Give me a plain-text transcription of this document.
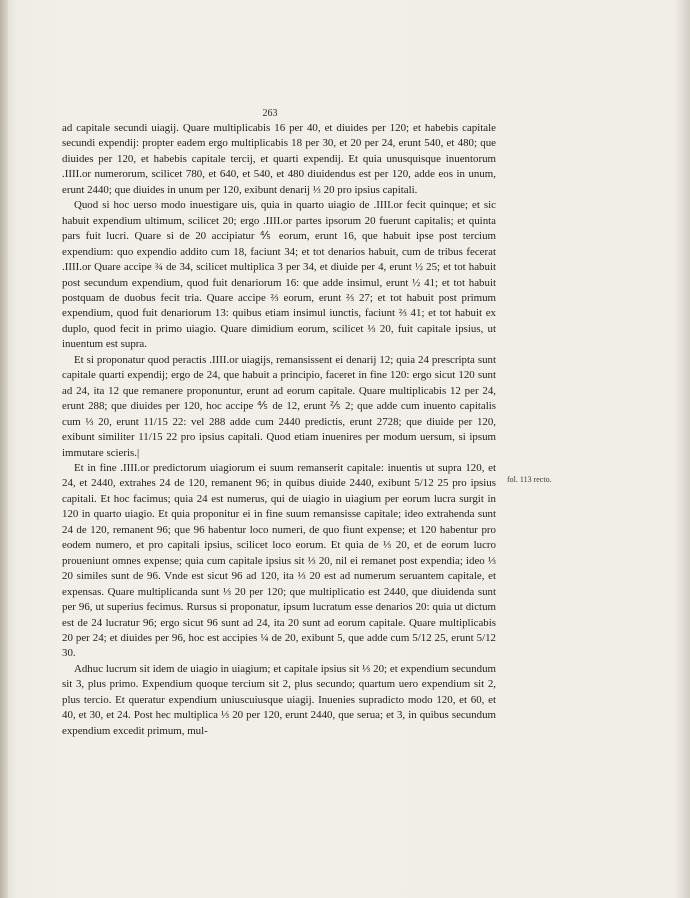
263

ad capitale secundi uiagij. Quare multiplicabis 16 per 40, et diuides per 120; et habebis capitale secundi expendij: propter eadem ergo multiplicabis 18 per 30, et 20 per 24, erunt 540, et 480; que diuides per 120, et habebis capitale tercij, et quarti expendij. Et quia unusquisque inuentorum .IIII.or numerorum, scilicet 780, et 640, et 540, et 480 diuidendus est per 120, adde eos in unum, erunt 2440; que diuides in unum per 120, exibunt denarij ⅓ 20 pro ipsius capitali.

Quod si hoc uerso modo inuestigare uis, quia in quarto uiagio de .IIII.or fecit quinque; et sic habuit expendium ultimum, scilicet 20; ergo .IIII.or partes ipsorum 20 fuerunt capitalis; et quinta pars fuit lucri. Quare si de 20 accipiatur ⅘ eorum, erunt 16, que habuit ipse post tercium expendium: quo expendio addito cum 18, faciunt 34; et tot denarios habuit, cum de tribus fecerat .IIII.or Quare accipe ¾ de 34, scilicet multiplica 3 per 34, et diuide per 4, erunt ½ 25; et tot habuit post secundum expendium, quod fuit denariorum 16: que adde insimul, erunt ½ 41; et tot habuit postquam de duobus fecit tria. Quare accipe ⅔ eorum, erunt ⅔ 27; et tot habuit post primum expendium, quod fuit denariorum 13: quibus etiam insimul iunctis, faciunt ⅔ 41; et tot habuit ex duplo, quod fecit in primo uiagio. Quare dimidium eorum, scilicet ⅓ 20, fuit capitale ipsius, ut inuentum est supra.

Et si proponatur quod peractis .IIII.or uiagijs, remansissent ei denarij 12; quia 24 prescripta sunt capitale quarti expendij; ergo de 24, que habuit a principio, faceret in fine 120: ergo sicut 120 sunt ad 24, ita 12 que remanere proponuntur, erunt ad eorum capitale. Quare multiplicabis 12 per 24, erunt 288; que diuides per 120, hoc accipe ⅘ de 12, erunt ⅖ 2; que adde cum inuento capitalis cum ⅓ 20, erunt 11/15 22: vel 288 adde cum 2440 predictis, erunt 2728; que diuide per 120, exibunt similiter 11/15 22 pro ipsius capitali. Quod etiam inuenires per modum uersum, si ipsum immutare scieris.|

Et in fine .IIII.or predictorum uiagiorum ei suum remanserit capitale: inuentis ut supra 120, et 24, et 2440, extrahes 24 de 120, remanent 96; in quibus diuide 2440, exibunt 5/12 25 pro ipsius capitali. Et hoc facimus; quia 24 est numerus, qui de uiagio in uiagium per eorum lucra surgit in 120 in quarto uiagio. Et quia proponitur ei in fine suum remansisse capitale; ideo extrahenda sunt 24 de 120, remanent 96; que 96 habentur loco numeri, de quo fiunt expense; et 120 habentur pro eodem numero, et pro capitali ipsius, scilicet loco eorum. Et quia de ⅓ 20, et de eorum lucro proueniunt omnes expense; quia cum capitale ipsius sit ⅓ 20, nil ei remanet post expendia; ideo ⅓ 20 similes sunt de 96. Vnde est sicut 96 ad 120, ita ⅓ 20 est ad numerum seruantem capitale, et expensas. Quare multiplicanda sunt ⅓ 20 per 120; que multiplicatio est 2440, que diuidenda sunt per 96, ut superius fecimus. Rursus si proponatur, ipsum lucratum esse denarios 20: quia ut dictum est de 24 lucratur 96; ergo sicut 96 sunt ad 24, ita 20 sunt ad eorum capitale. Quare multiplicabis 20 per 24; et diuides per 96, hoc est accipies ¼ de 20, exibunt 5, que adde cum 5/12 25, erunt 5/12 30.

Adhuc lucrum sit idem de uiagio in uiagium; et capitale ipsius sit ⅓ 20; et expendium secundum sit 3, plus primo. Expendium quoque tercium sit 2, plus secundo; quartum uero expendium sit 2, plus tercio. Et queratur expendium uniuscuiusque uiagij. Inuenies supradicto modo 120, et 60, et 40, et 30, et 24. Post hec multiplica ⅓ 20 per 120, erunt 2440, que serua; et 3, in quibus secundum expendium excedit primum, mul-

fol. 113 recto.
